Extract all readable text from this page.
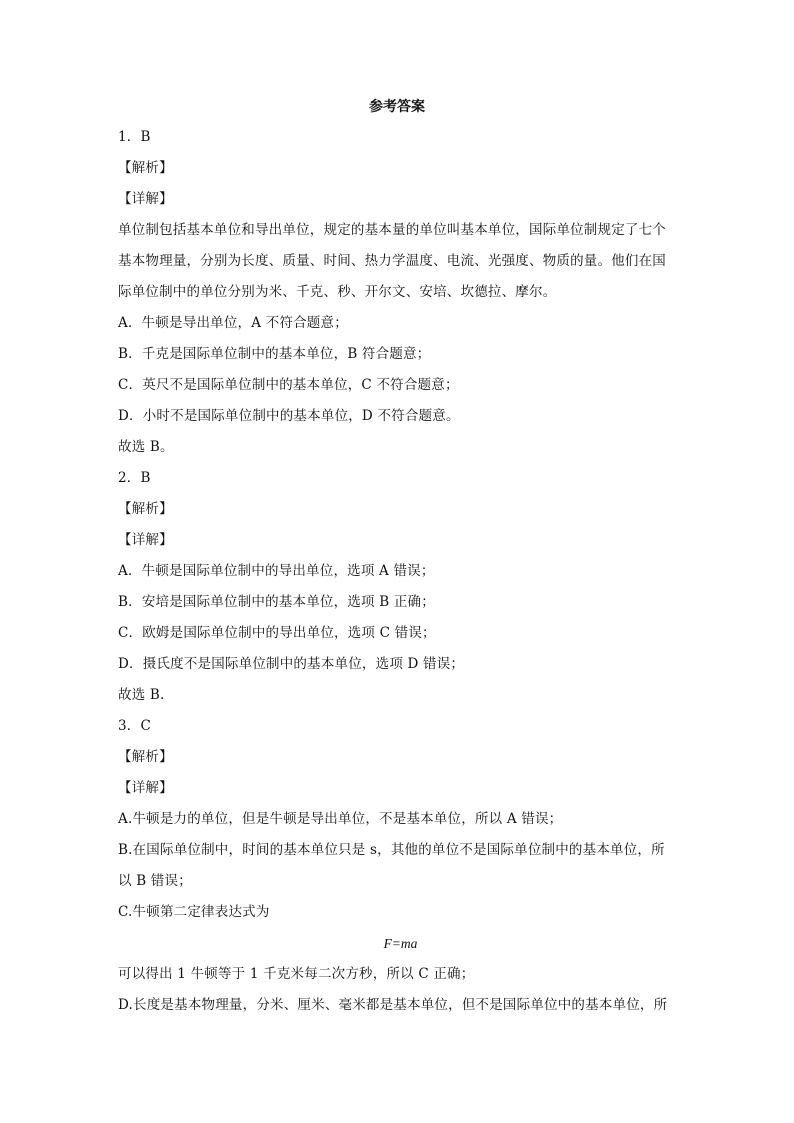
参考答案
1．B
【解析】
【详解】
单位制包括基本单位和导出单位，规定的基本量的单位叫基本单位，国际单位制规定了七个
基本物理量，分别为长度、质量、时间、热力学温度、电流、光强度、物质的量。他们在国
际单位制中的单位分别为米、千克、秒、开尔文、安培、坎德拉、摩尔。
A．牛顿是导出单位，A 不符合题意；
B．千克是国际单位制中的基本单位，B 符合题意；
C．英尺不是国际单位制中的基本单位，C 不符合题意；
D．小时不是国际单位制中的基本单位，D 不符合题意。
故选 B。
2．B
【解析】
【详解】
A．牛顿是国际单位制中的导出单位，选项 A 错误；
B．安培是国际单位制中的基本单位，选项 B 正确；
C．欧姆是国际单位制中的导出单位，选项 C 错误；
D．摄氏度不是国际单位制中的基本单位，选项 D 错误；
故选 B.
3．C
【解析】
【详解】
A.牛顿是力的单位，但是牛顿是导出单位，不是基本单位，所以 A 错误；
B.在国际单位制中，时间的基本单位只是 s，其他的单位不是国际单位制中的基本单位，所
以 B 错误；
C.牛顿第二定律表达式为
F=ma
可以得出 1 牛顿等于 1 千克米每二次方秒，所以 C 正确；
D.长度是基本物理量，分米、厘米、毫米都是基本单位，但不是国际单位中的基本单位，所
